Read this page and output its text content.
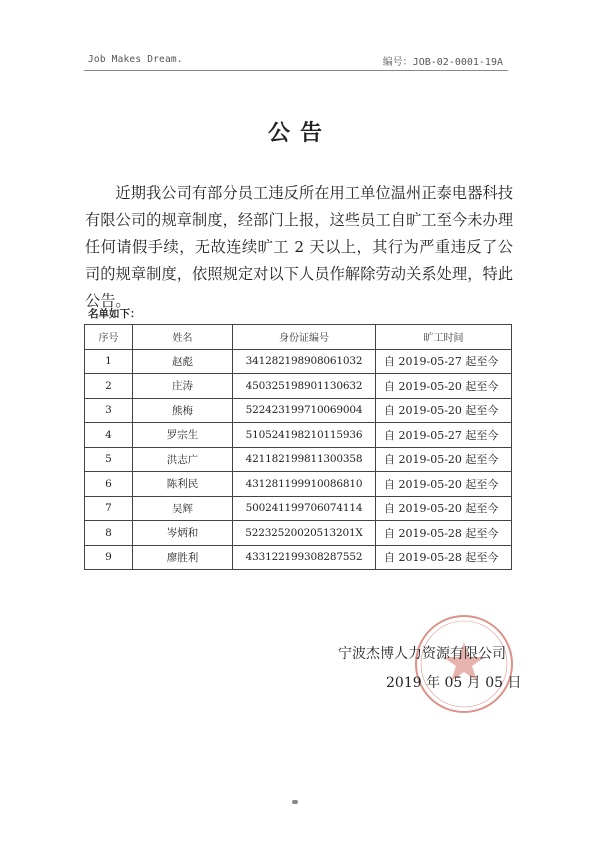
Job Makes Dream.	编号：JOB-02-0001-19A
公告

近期我公司有部分员工违反所在用工单位温州正泰电器科技有限公司的规章制度，经部门上报，这些员工自旷工至今未办理任何请假手续，无故连续旷工 2 天以上，其行为严重违反了公司的规章制度，依照规定对以下人员作解除劳动关系处理，特此公告。

名单如下：
序号	姓名	身份证编号	旷工时间
1	赵彪	341282198908061032	自 2019-05-27 起至今
2	庄涛	450325198901130632	自 2019-05-20 起至今
3	熊梅	522423199710069004	自 2019-05-20 起至今
4	罗宗生	510524198210115936	自 2019-05-27 起至今
5	洪志广	421182199811300358	自 2019-05-20 起至今
6	陈利民	431281199910086810	自 2019-05-20 起至今
7	吴辉	500241199706074114	自 2019-05-20 起至今
8	岑炳和	52232520020513201X	自 2019-05-28 起至今
9	廖胜利	433122199308287552	自 2019-05-28 起至今
宁波杰博人力资源有限公司
2019 年 05 月 05 日
